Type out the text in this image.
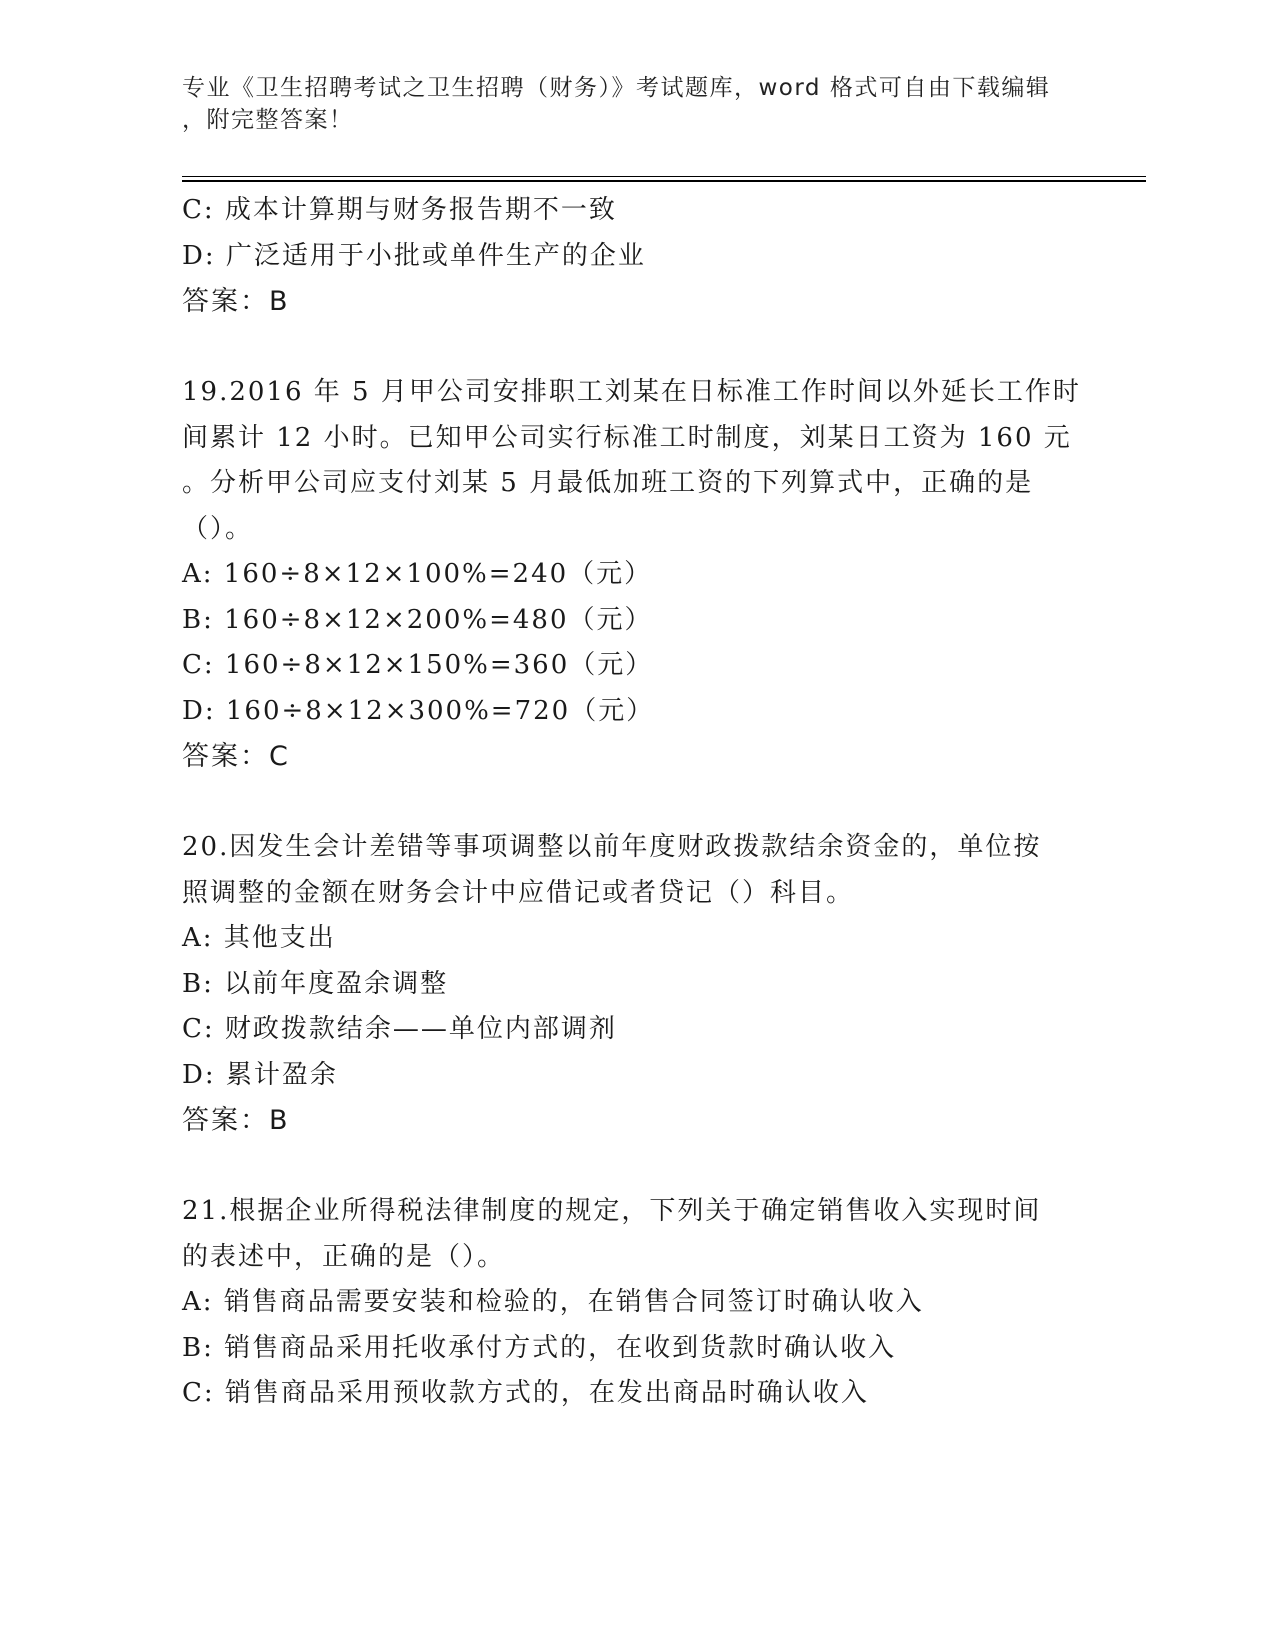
专业《卫生招聘考试之卫生招聘（财务）》考试题库，word 格式可自由下载编辑

，附完整答案！

C: 成本计算期与财务报告期不一致
D: 广泛适用于小批或单件生产的企业
答案：B
19.2016 年 5 月甲公司安排职工刘某在日标准工作时间以外延长工作时
间累计 12 小时。已知甲公司实行标准工时制度，刘某日工资为 160 元
。分析甲公司应支付刘某 5 月最低加班工资的下列算式中，正确的是
（）。
A: 160÷8×12×100%=240（元）
B: 160÷8×12×200%=480（元）
C: 160÷8×12×150%=360（元）
D: 160÷8×12×300%=720（元）
答案：C
20.因发生会计差错等事项调整以前年度财政拨款结余资金的，单位按
照调整的金额在财务会计中应借记或者贷记（）科目。
A: 其他支出
B: 以前年度盈余调整
C: 财政拨款结余——单位内部调剂
D: 累计盈余
答案：B
21.根据企业所得税法律制度的规定，下列关于确定销售收入实现时间
的表述中，正确的是（）。
A: 销售商品需要安装和检验的，在销售合同签订时确认收入
B: 销售商品采用托收承付方式的，在收到货款时确认收入
C: 销售商品采用预收款方式的，在发出商品时确认收入
